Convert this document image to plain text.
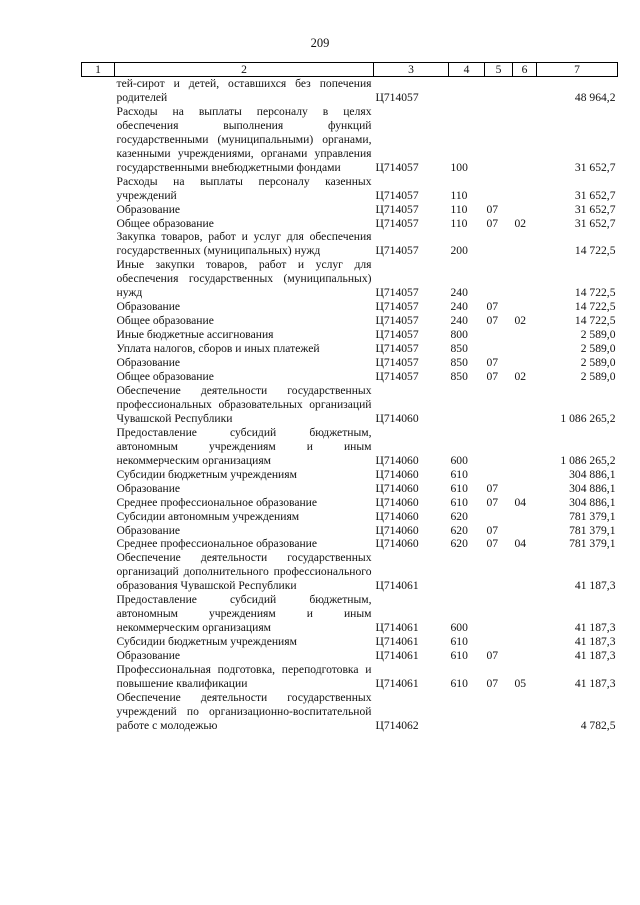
209
1	2	3	4	5	6	7
	тей-сирот и детей, оставшихся без попечения родителей	Ц714057				48 964,2
	Расходы на выплаты персоналу в целях обеспечения выполнения функций государственными (муниципальными) органами, казенными учреждениями, органами управления государственными внебюджетными фондами	Ц714057	100			31 652,7
	Расходы на выплаты персоналу казенных учреждений	Ц714057	110			31 652,7
	Образование	Ц714057	110	07		31 652,7
	Общее образование	Ц714057	110	07	02	31 652,7
	Закупка товаров, работ и услуг для обеспечения государственных (муниципальных) нужд	Ц714057	200			14 722,5
	Иные закупки товаров, работ и услуг для обеспечения государственных (муниципальных) нужд	Ц714057	240			14 722,5
	Образование	Ц714057	240	07		14 722,5
	Общее образование	Ц714057	240	07	02	14 722,5
	Иные бюджетные ассигнования	Ц714057	800			2 589,0
	Уплата налогов, сборов и иных платежей	Ц714057	850			2 589,0
	Образование	Ц714057	850	07		2 589,0
	Общее образование	Ц714057	850	07	02	2 589,0
	Обеспечение деятельности государственных профессиональных образовательных организаций Чувашской Республики	Ц714060				1 086 265,2
	Предоставление субсидий бюджетным, автономным учреждениям и иным некоммерческим организациям	Ц714060	600			1 086 265,2
	Субсидии бюджетным учреждениям	Ц714060	610			304 886,1
	Образование	Ц714060	610	07		304 886,1
	Среднее профессиональное образование	Ц714060	610	07	04	304 886,1
	Субсидии автономным учреждениям	Ц714060	620			781 379,1
	Образование	Ц714060	620	07		781 379,1
	Среднее профессиональное образование	Ц714060	620	07	04	781 379,1
	Обеспечение деятельности государственных организаций дополнительного профессионального образования Чувашской Республики	Ц714061				41 187,3
	Предоставление субсидий бюджетным, автономным учреждениям и иным некоммерческим организациям	Ц714061	600			41 187,3
	Субсидии бюджетным учреждениям	Ц714061	610			41 187,3
	Образование	Ц714061	610	07		41 187,3
	Профессиональная подготовка, переподготовка и повышение квалификации	Ц714061	610	07	05	41 187,3
	Обеспечение деятельности государственных учреждений по организационно-воспитательной работе с молодежью	Ц714062				4 782,5
